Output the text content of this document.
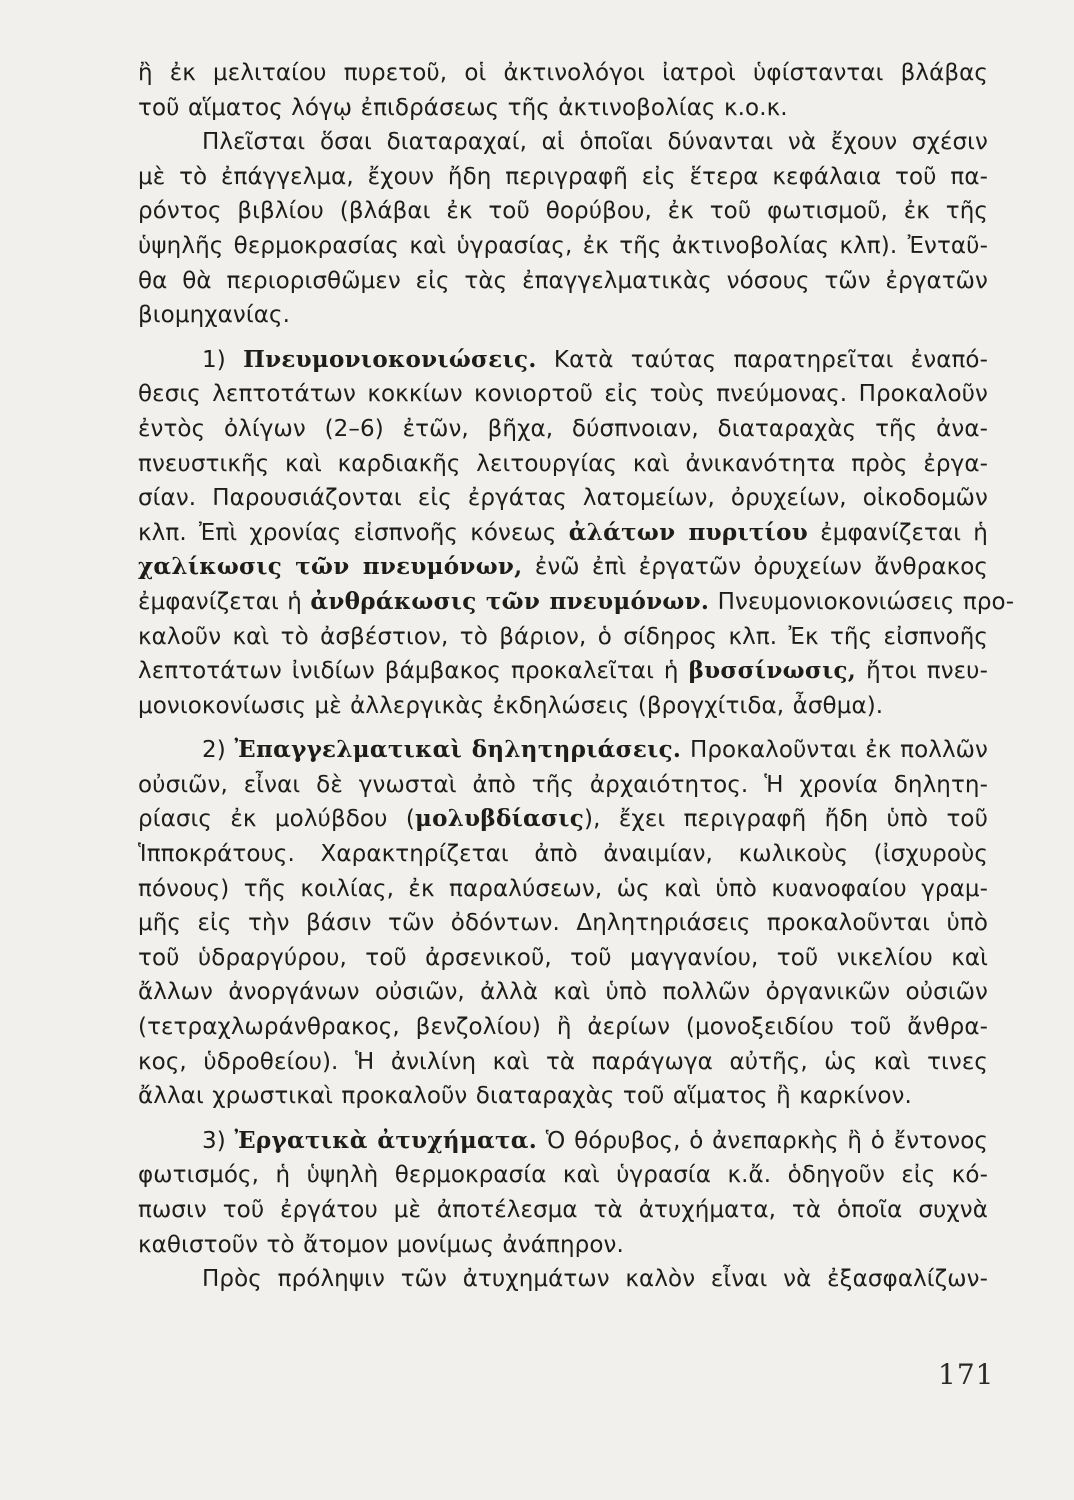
ἢ ἐκ μελιταίου πυρετοῦ, οἱ ἀκτινολόγοι ἰατροὶ ὑφίστανται βλάβας
τοῦ αἵματος λόγῳ ἐπιδράσεως τῆς ἀκτινοβολίας κ.ο.κ.
Πλεῖσται ὅσαι διαταραχαί, αἱ ὁποῖαι δύνανται νὰ ἔχουν σχέσιν
μὲ τὸ ἐπάγγελμα, ἔχουν ἤδη περιγραφῆ εἰς ἕτερα κεφάλαια τοῦ πα-
ρόντος βιβλίου (βλάβαι ἐκ τοῦ θορύβου, ἐκ τοῦ φωτισμοῦ, ἐκ τῆς
ὑψηλῆς θερμοκρασίας καὶ ὑγρασίας, ἐκ τῆς ἀκτινοβολίας κλπ). Ἐνταῦ-
θα θὰ περιορισθῶμεν εἰς τὰς ἐπαγγελματικὰς νόσους τῶν ἐργατῶν
βιομηχανίας.
1) Πνευμονιοκονιώσεις. Κατὰ ταύτας παρατηρεῖται ἐναπό-
θεσις λεπτοτάτων κοκκίων κονιορτοῦ εἰς τοὺς πνεύμονας. Προκαλοῦν
ἐντὸς ὀλίγων (2–6) ἐτῶν, βῆχα, δύσπνοιαν, διαταραχὰς τῆς ἀνα-
πνευστικῆς καὶ καρδιακῆς λειτουργίας καὶ ἀνικανότητα πρὸς ἐργα-
σίαν. Παρουσιάζονται εἰς ἐργάτας λατομείων, ὀρυχείων, οἰκοδομῶν
κλπ. Ἐπὶ χρονίας εἰσπνοῆς κόνεως ἀλάτων πυριτίου ἐμφανίζεται ἡ
χαλίκωσις τῶν πνευμόνων, ἐνῶ ἐπὶ ἐργατῶν ὀρυχείων ἄνθρακος
ἐμφανίζεται ἡ ἀνθράκωσις τῶν πνευμόνων. Πνευμονιοκονιώσεις προ-
καλοῦν καὶ τὸ ἀσβέστιον, τὸ βάριον, ὁ σίδηρος κλπ. Ἐκ τῆς εἰσπνοῆς
λεπτοτάτων ἰνιδίων βάμβακος προκαλεῖται ἡ βυσσίνωσις, ἤτοι πνευ-
μονιοκονίωσις μὲ ἀλλεργικὰς ἐκδηλώσεις (βρογχίτιδα, ἆσθμα).
2) Ἐπαγγελματικαὶ δηλητηριάσεις. Προκαλοῦνται ἐκ πολλῶν
οὐσιῶν, εἶναι δὲ γνωσταὶ ἀπὸ τῆς ἀρχαιότητος. Ἡ χρονία δηλητη-
ρίασις ἐκ μολύβδου (μολυβδίασις), ἔχει περιγραφῆ ἤδη ὑπὸ τοῦ
Ἱπποκράτους. Χαρακτηρίζεται ἀπὸ ἀναιμίαν, κωλικοὺς (ἰσχυροὺς
πόνους) τῆς κοιλίας, ἐκ παραλύσεων, ὡς καὶ ὑπὸ κυανοφαίου γραμ-
μῆς εἰς τὴν βάσιν τῶν ὀδόντων. Δηλητηριάσεις προκαλοῦνται ὑπὸ
τοῦ ὑδραργύρου, τοῦ ἀρσενικοῦ, τοῦ μαγγανίου, τοῦ νικελίου καὶ
ἄλλων ἀνοργάνων οὐσιῶν, ἀλλὰ καὶ ὑπὸ πολλῶν ὀργανικῶν οὐσιῶν
(τετραχλωράνθρακος, βενζολίου) ἢ ἀερίων (μονοξειδίου τοῦ ἄνθρα-
κος, ὑδροθείου). Ἡ ἀνιλίνη καὶ τὰ παράγωγα αὐτῆς, ὡς καὶ τινες
ἄλλαι χρωστικαὶ προκαλοῦν διαταραχὰς τοῦ αἵματος ἢ καρκίνον.
3) Ἐργατικὰ ἀτυχήματα. Ὁ θόρυβος, ὁ ἀνεπαρκὴς ἢ ὁ ἔντονος
φωτισμός, ἡ ὑψηλὴ θερμοκρασία καὶ ὑγρασία κ.ἄ. ὁδηγοῦν εἰς κό-
πωσιν τοῦ ἐργάτου μὲ ἀποτέλεσμα τὰ ἀτυχήματα, τὰ ὁποῖα συχνὰ
καθιστοῦν τὸ ἄτομον μονίμως ἀνάπηρον.
Πρὸς πρόληψιν τῶν ἀτυχημάτων καλὸν εἶναι νὰ ἐξασφαλίζων-
171
